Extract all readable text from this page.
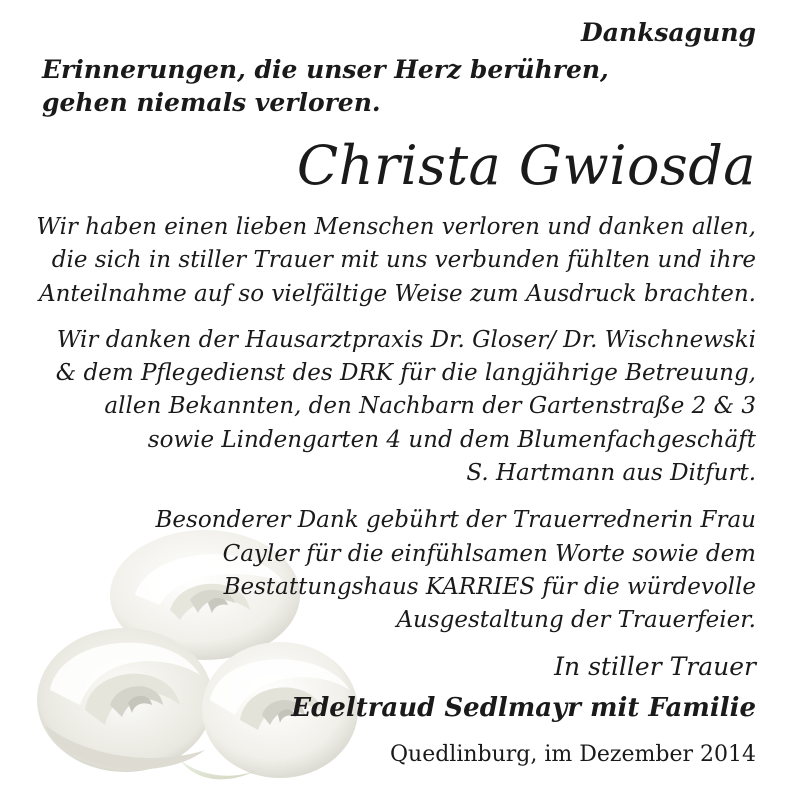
Danksagung

Erinnerungen, die unser Herz berühren,

gehen niemals verloren.

Christa Gwiosda

Wir haben einen lieben Menschen verloren und danken allen,

die sich in stiller Trauer mit uns verbunden fühlten und ihre

Anteilnahme auf so vielfältige Weise zum Ausdruck brachten.

Wir danken der Hausarztpraxis Dr. Gloser/ Dr. Wischnewski

& dem Pflegedienst des DRK für die langjährige Betreuung,

allen Bekannten, den Nachbarn der Gartenstraße 2 & 3

sowie Lindengarten 4 und dem Blumenfachgeschäft

S. Hartmann aus Ditfurt.

Besonderer Dank gebührt der Trauerrednerin Frau

Cayler für die einfühlsamen Worte sowie dem

Bestattungshaus KARRIES für die würdevolle

Ausgestaltung der Trauerfeier.

In stiller Trauer

Edeltraud Sedlmayr mit Familie

Quedlinburg, im Dezember 2014
